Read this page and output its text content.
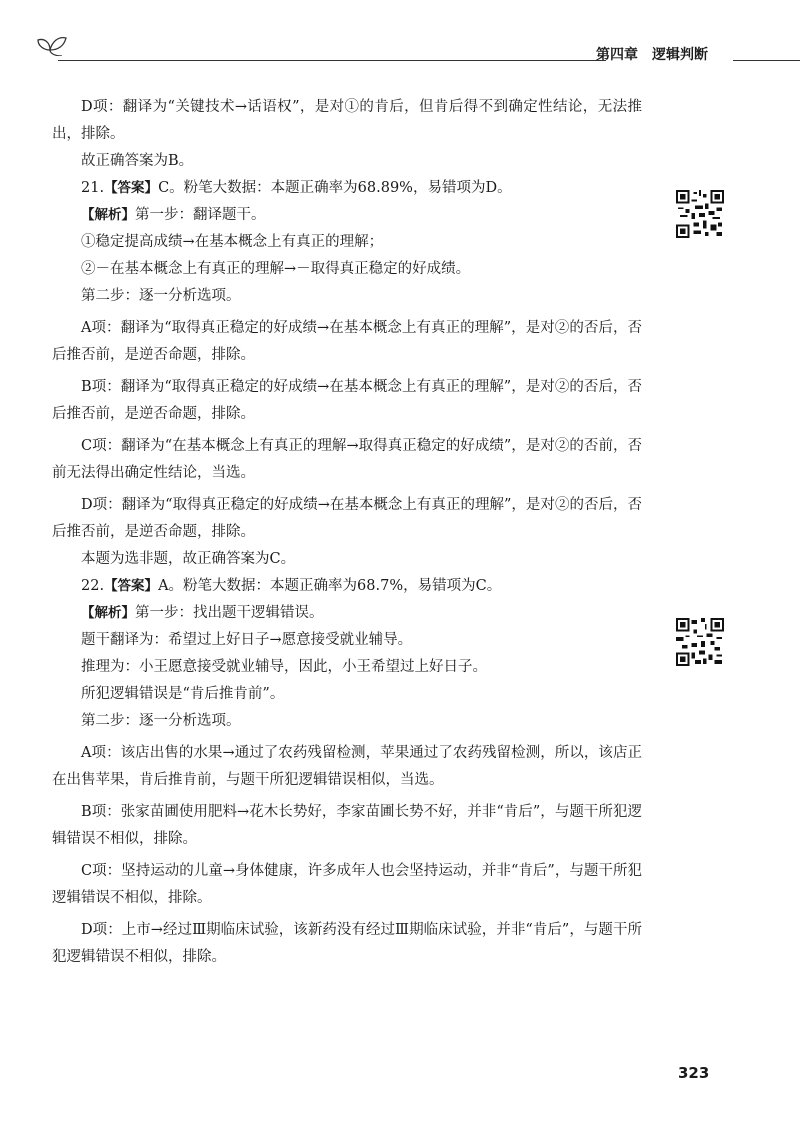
第四章 逻辑判断

D项：翻译为“关键技术→话语权”，是对①的肯后，但肯后得不到确定性结论，无法推出，排除。

故正确答案为B。

21.【答案】C。粉笔大数据：本题正确率为68.89%，易错项为D。

【解析】第一步：翻译题干。

①稳定提高成绩→在基本概念上有真正的理解；

②－在基本概念上有真正的理解→－取得真正稳定的好成绩。

第二步：逐一分析选项。

A项：翻译为“取得真正稳定的好成绩→在基本概念上有真正的理解”，是对②的否后，否后推否前，是逆否命题，排除。

B项：翻译为“取得真正稳定的好成绩→在基本概念上有真正的理解”，是对②的否后，否后推否前，是逆否命题，排除。

C项：翻译为“在基本概念上有真正的理解→取得真正稳定的好成绩”，是对②的否前，否前无法得出确定性结论，当选。

D项：翻译为“取得真正稳定的好成绩→在基本概念上有真正的理解”，是对②的否后，否后推否前，是逆否命题，排除。

本题为选非题，故正确答案为C。

22.【答案】A。粉笔大数据：本题正确率为68.7%，易错项为C。

【解析】第一步：找出题干逻辑错误。

题干翻译为：希望过上好日子→愿意接受就业辅导。

推理为：小王愿意接受就业辅导，因此，小王希望过上好日子。

所犯逻辑错误是“肯后推肯前”。

第二步：逐一分析选项。

A项：该店出售的水果→通过了农药残留检测，苹果通过了农药残留检测，所以，该店正在出售苹果，肯后推肯前，与题干所犯逻辑错误相似，当选。

B项：张家苗圃使用肥料→花木长势好，李家苗圃长势不好，并非“肯后”，与题干所犯逻辑错误不相似，排除。

C项：坚持运动的儿童→身体健康，许多成年人也会坚持运动，并非“肯后”，与题干所犯逻辑错误不相似，排除。

D项：上市→经过Ⅲ期临床试验，该新药没有经过Ⅲ期临床试验，并非“肯后”，与题干所犯逻辑错误不相似，排除。

323
